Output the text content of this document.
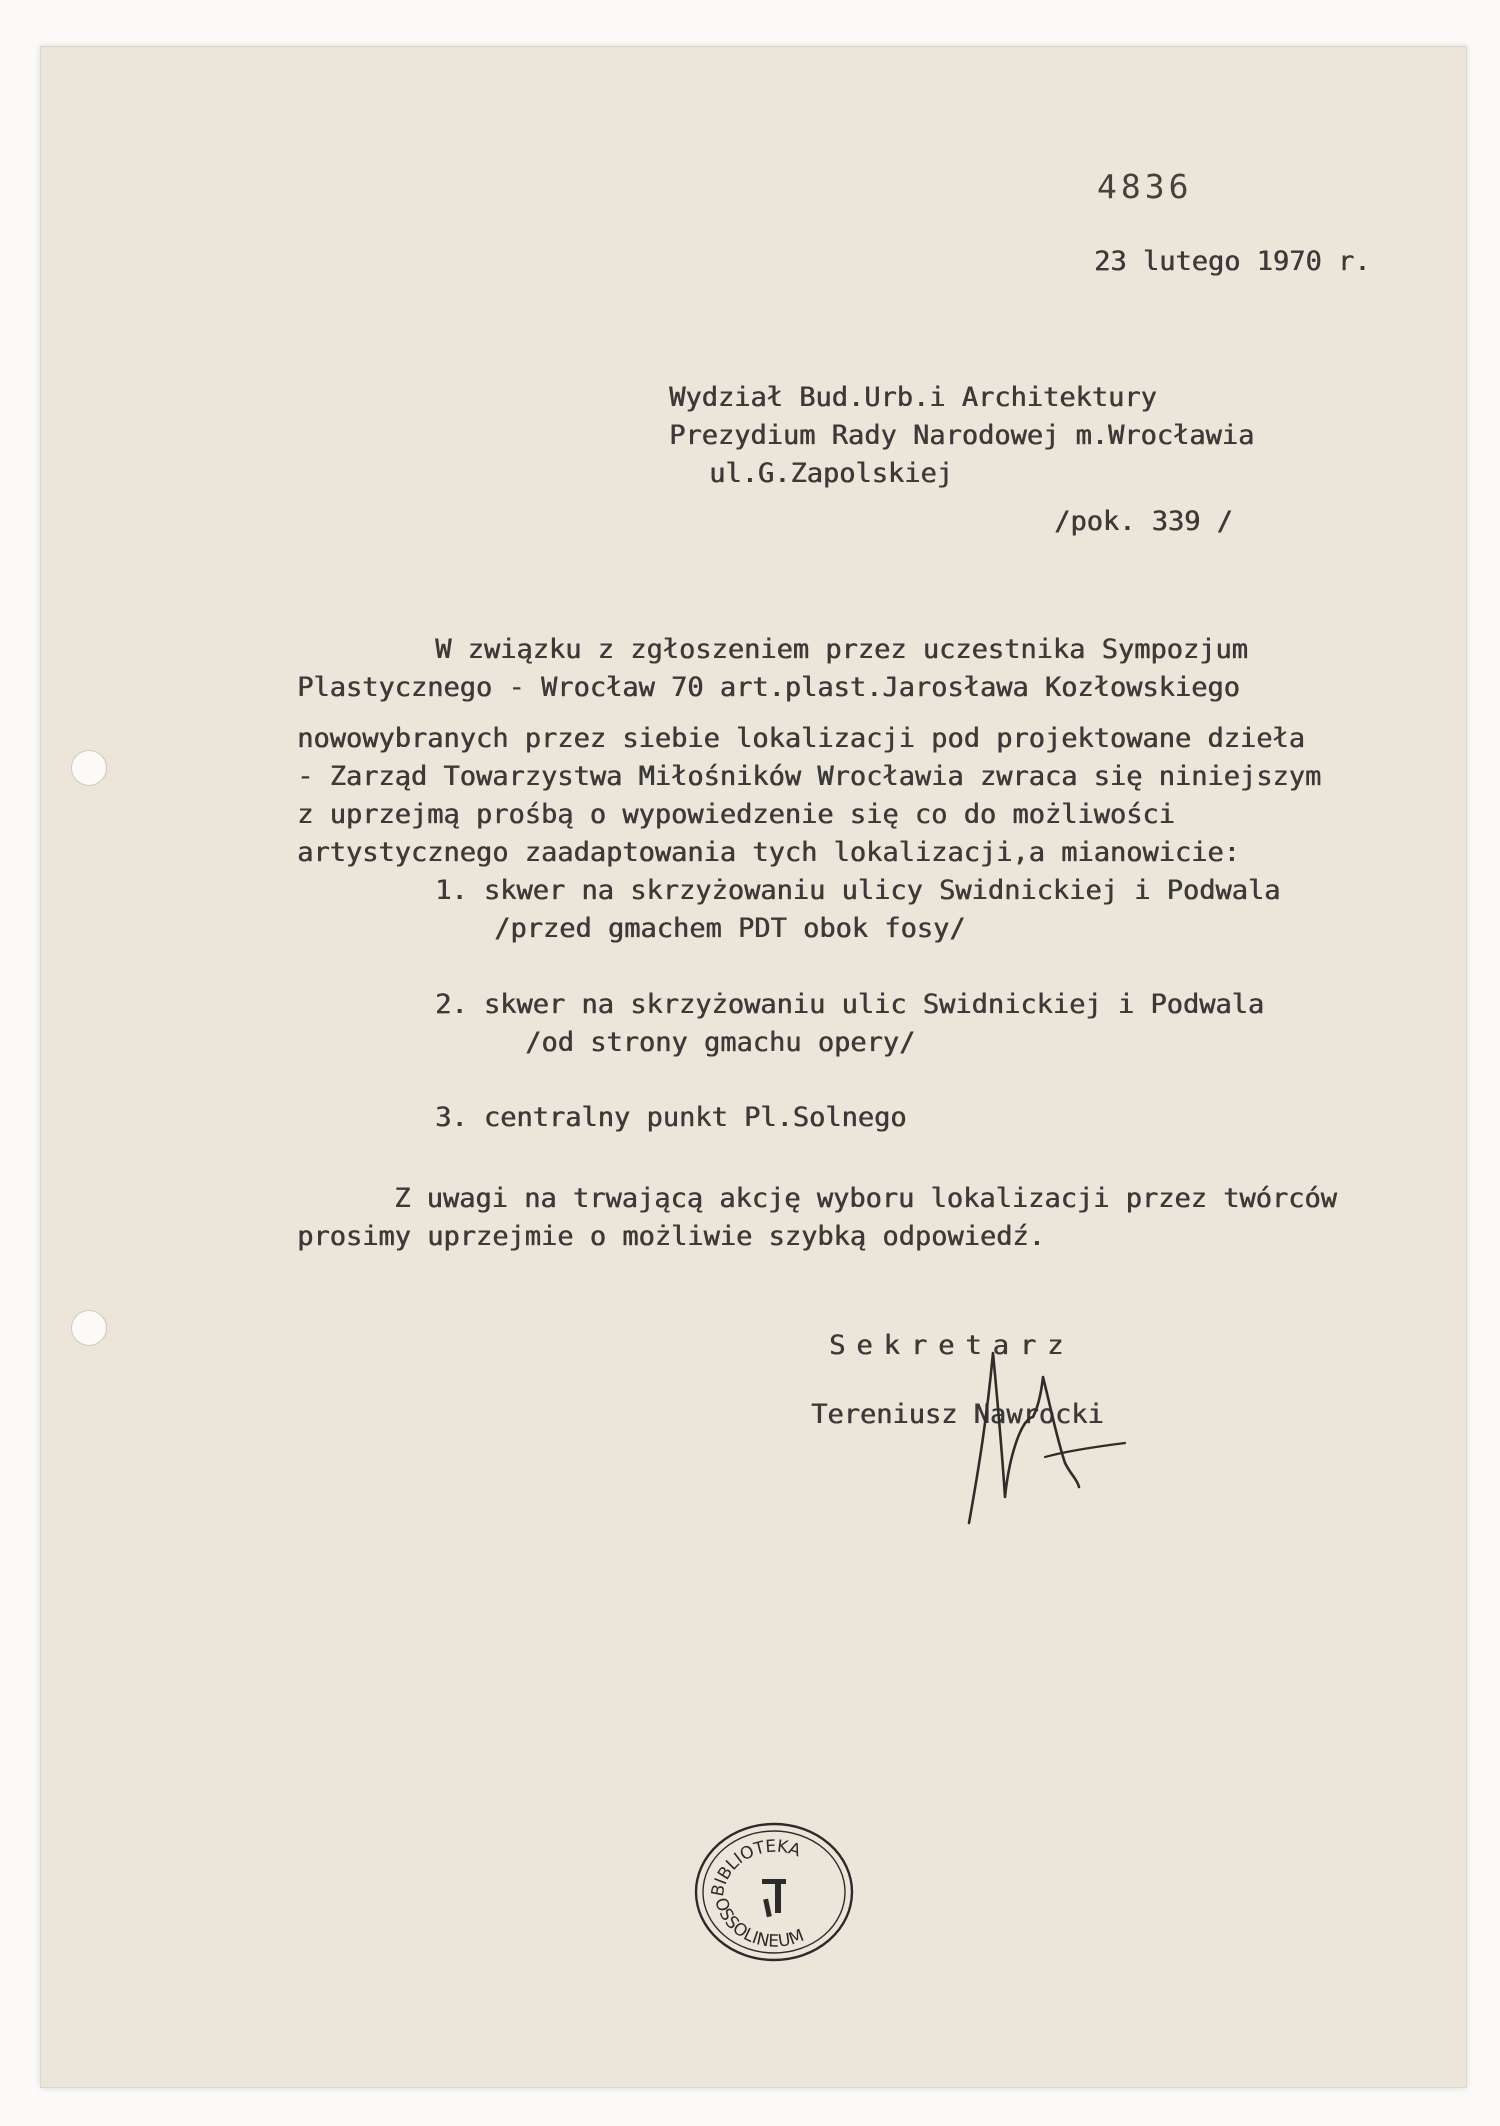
4836

23 lutego 1970 r.

Wydział Bud.Urb.i Architektury

Prezydium Rady Narodowej m.Wrocławia

ul.G.Zapolskiej

/pok. 339 /

W związku z zgłoszeniem przez uczestnika Sympozjum

Plastycznego - Wrocław 70 art.plast.Jarosława Kozłowskiego

nowowybranych przez siebie lokalizacji pod projektowane dzieła

- Zarząd Towarzystwa Miłośników Wrocławia zwraca się niniejszym

z uprzejmą prośbą o wypowiedzenie się co do możliwości

artystycznego zaadaptowania tych lokalizacji,a mianowicie:

1. skwer na skrzyżowaniu ulicy Swidnickiej i Podwala

/przed gmachem PDT obok fosy/

2. skwer na skrzyżowaniu ulic Swidnickiej i Podwala

/od strony gmachu opery/

3. centralny punkt Pl.Solnego

Z uwagi na trwającą akcję wyboru lokalizacji przez twórców

prosimy uprzejmie o możliwie szybką odpowiedź.

Sekretarz

Tereniusz Nawrocki

BIBLIOTEKA
OSSOLINEUM
